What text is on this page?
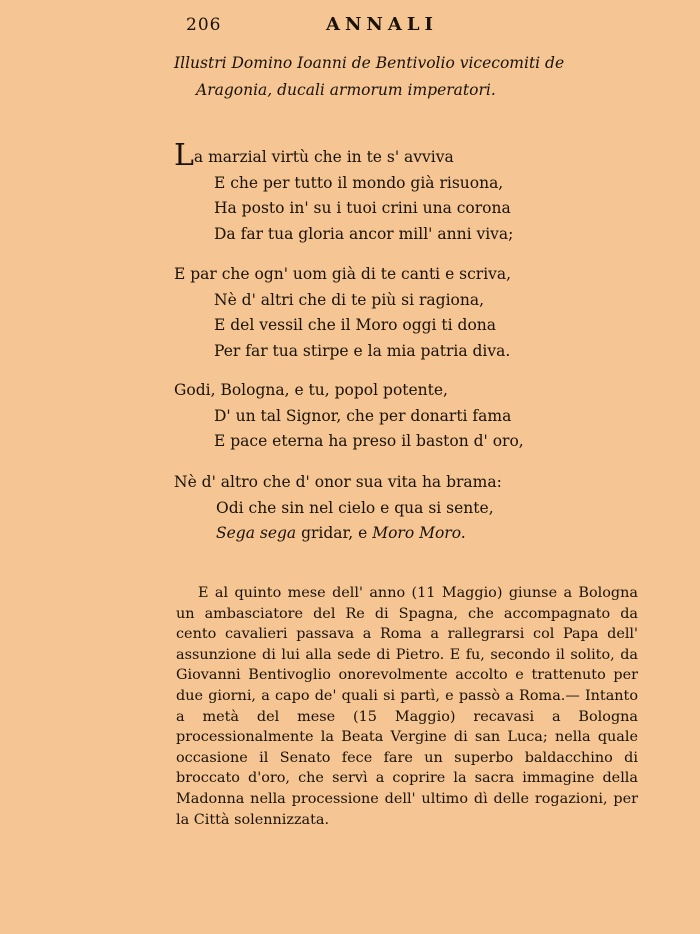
206	ANNALI
Illustri Domino Ioanni de Bentivolio vicecomiti de
Aragonia, ducali armorum imperatori.
La marzial virtù che in te s' avviva
E che per tutto il mondo già risuona,
Ha posto in' su i tuoi crini una corona
Da far tua gloria ancor mill' anni viva;
E par che ogn' uom già di te canti e scriva,
Nè d' altri che di te più si ragiona,
E del vessil che il Moro oggi ti dona
Per far tua stirpe e la mia patria diva.
Godi, Bologna, e tu, popol potente,
D' un tal Signor, che per donarti fama
E pace eterna ha preso il baston d' oro,
Nè d' altro che d' onor sua vita ha brama:
Odi che sin nel cielo e qua si sente,
Sega sega gridar, e Moro Moro.

E al quinto mese dell' anno (11 Maggio) giunse a Bologna un ambasciatore del Re di Spagna, che accompagnato da cento cavalieri passava a Roma a rallegrarsi col Papa dell' assunzione di lui alla sede di Pietro. E fu, secondo il solito, da Giovanni Bentivoglio onorevolmente accolto e trattenuto per due giorni, a capo de' quali si partì, e passò a Roma.— Intanto a metà del mese (15 Maggio) recavasi a Bologna processionalmente la Beata Vergine di san Luca; nella quale occasione il Senato fece fare un superbo baldacchino di broccato d'oro, che servì a coprire la sacra immagine della Madonna nella processione dell' ultimo dì delle rogazioni, per la Città solennizzata.
